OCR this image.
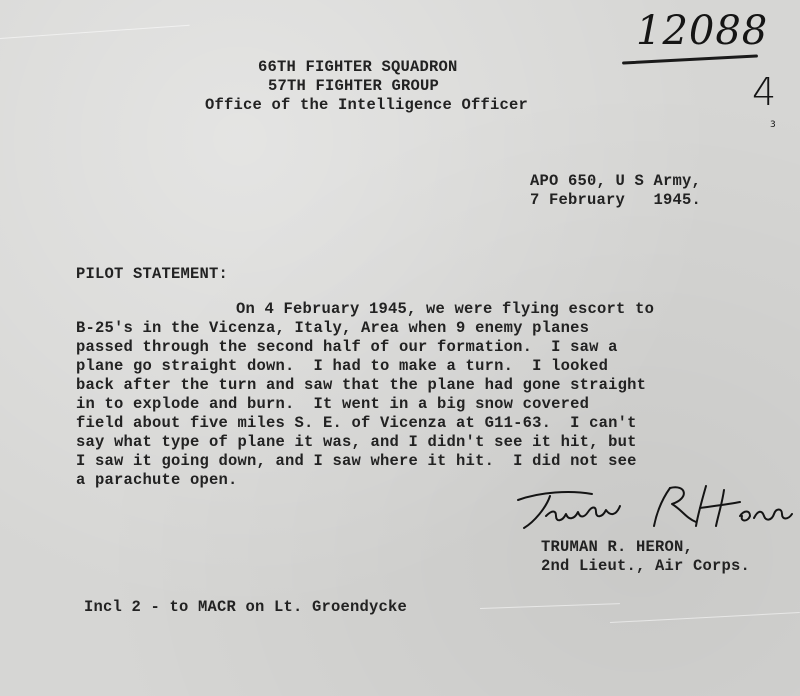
12088
4
3
66TH FIGHTER SQUADRON
57TH FIGHTER GROUP
Office of the Intelligence Officer
APO 650, U S Army,
7 February   1945.
PILOT STATEMENT:
On 4 February 1945, we were flying escort to
B-25's in the Vicenza, Italy, Area when 9 enemy planes
passed through the second half of our formation.  I saw a
plane go straight down.  I had to make a turn.  I looked
back after the turn and saw that the plane had gone straight
in to explode and burn.  It went in a big snow covered
field about five miles S. E. of Vicenza at G11-63.  I can't
say what type of plane it was, and I didn't see it hit, but
I saw it going down, and I saw where it hit.  I did not see
a parachute open.
TRUMAN R. HERON,
2nd Lieut., Air Corps.
Incl 2 - to MACR on Lt. Groendycke
